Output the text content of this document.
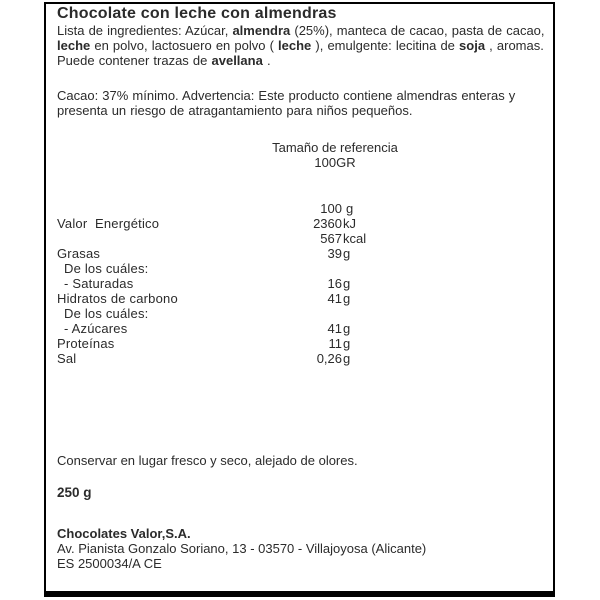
Chocolate con leche con almendras

Lista de ingredientes: Azúcar, almendra (25%), manteca de cacao, pasta de cacao, leche en polvo, lactosuero en polvo ( leche ), emulgente: lecitina de soja , aromas. Puede contener trazas de avellana .

Cacao: 37% mínimo. Advertencia: Este producto contiene almendras enteras y presenta un riesgo de atragantamiento para niños pequeños.

Tamaño de referencia
100GR
100 g
Valor  Energético	2360kJ
567kcal
Grasas	39g
De los cuáles:
- Saturadas	16g
Hidratos de carbono	41g
De los cuáles:
- Azúcares	41g
Proteínas	11g
Sal	0,26g

Conservar en lugar fresco y seco, alejado de olores.

250 g

Chocolates Valor,S.A.
Av. Pianista Gonzalo Soriano, 13 - 03570 - Villajoyosa (Alicante)
ES 2500034/A CE
